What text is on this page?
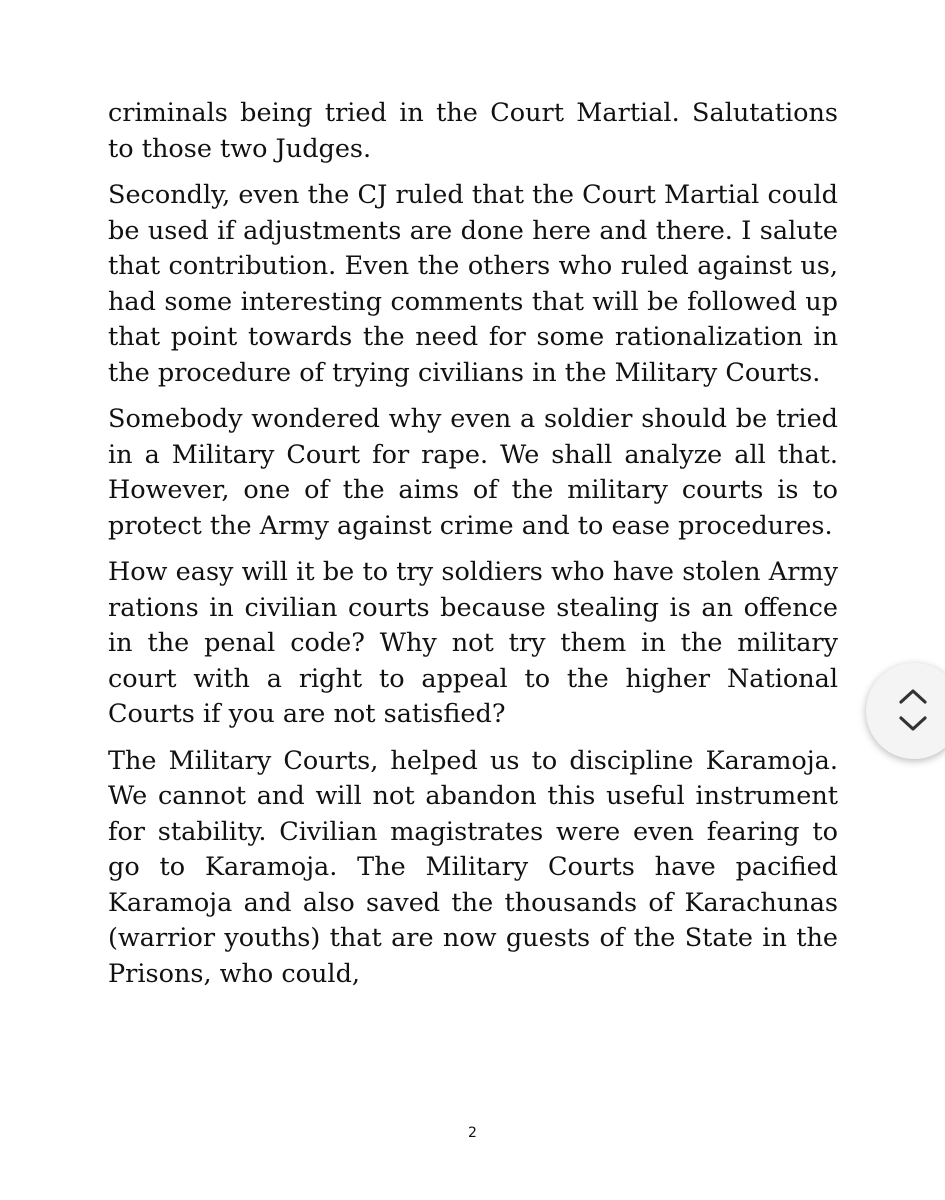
criminals being tried in the Court Martial. Salutations to those two Judges.

Secondly, even the CJ ruled that the Court Martial could be used if adjustments are done here and there. I salute that contribution. Even the others who ruled against us, had some interesting comments that will be followed up that point towards the need for some rationalization in the procedure of trying civilians in the Military Courts.

Somebody wondered why even a soldier should be tried in a Military Court for rape. We shall analyze all that. However, one of the aims of the military courts is to protect the Army against crime and to ease procedures.

How easy will it be to try soldiers who have stolen Army rations in civilian courts because stealing is an offence in the penal code? Why not try them in the military court with a right to appeal to the higher National Courts if you are not satisfied?

The Military Courts, helped us to discipline Karamoja. We cannot and will not abandon this useful instrument for stability. Civilian magistrates were even fearing to go to Karamoja. The Military Courts have pacified Karamoja and also saved the thousands of Karachunas (warrior youths) that are now guests of the State in the Prisons, who could,

2
